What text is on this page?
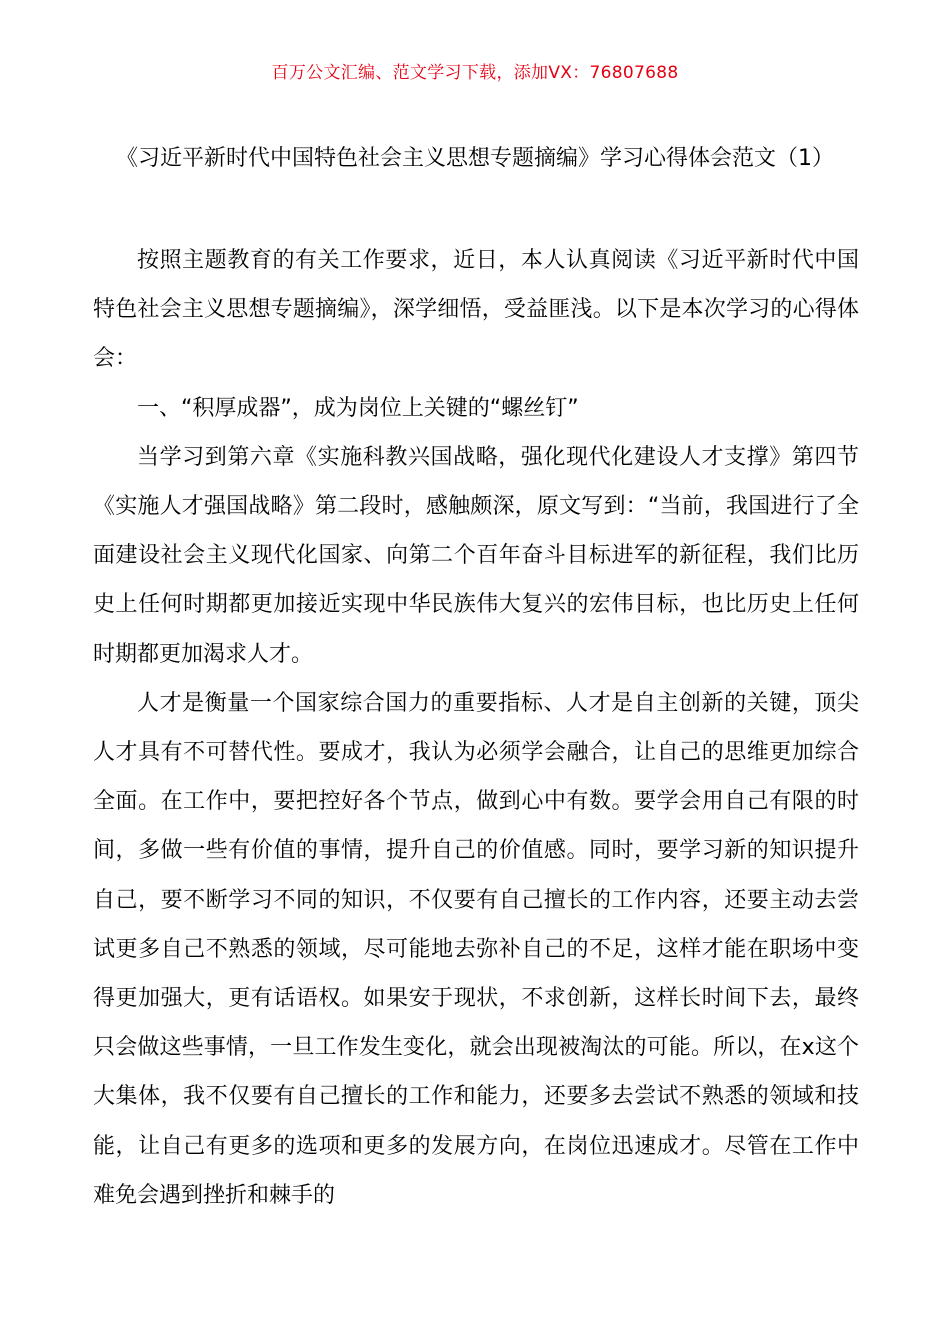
百万公文汇编、范文学习下载，添加VX：76807688
《习近平新时代中国特色社会主义思想专题摘编》学习心得体会范文（1）

按照主题教育的有关工作要求，近日，本人认真阅读《习近平新时代中国特色社会主义思想专题摘编》，深学细悟，受益匪浅。以下是本次学习的心得体会：

一、“积厚成器”，成为岗位上关键的“螺丝钉”

当学习到第六章《实施科教兴国战略，强化现代化建设人才支撑》第四节《实施人才强国战略》第二段时，感触颇深，原文写到：“当前，我国进行了全面建设社会主义现代化国家、向第二个百年奋斗目标进军的新征程，我们比历史上任何时期都更加接近实现中华民族伟大复兴的宏伟目标，也比历史上任何时期都更加渴求人才。

人才是衡量一个国家综合国力的重要指标、人才是自主创新的关键，顶尖人才具有不可替代性。要成才，我认为必须学会融合，让自己的思维更加综合全面。在工作中，要把控好各个节点，做到心中有数。要学会用自己有限的时间，多做一些有价值的事情，提升自己的价值感。同时，要学习新的知识提升自己，要不断学习不同的知识，不仅要有自己擅长的工作内容，还要主动去尝试更多自己不熟悉的领域，尽可能地去弥补自己的不足，这样才能在职场中变得更加强大，更有话语权。如果安于现状，不求创新，这样长时间下去，最终只会做这些事情，一旦工作发生变化，就会出现被淘汰的可能。所以，在x这个大集体，我不仅要有自己擅长的工作和能力，还要多去尝试不熟悉的领域和技能，让自己有更多的选项和更多的发展方向，在岗位迅速成才。尽管在工作中难免会遇到挫折和棘手的
